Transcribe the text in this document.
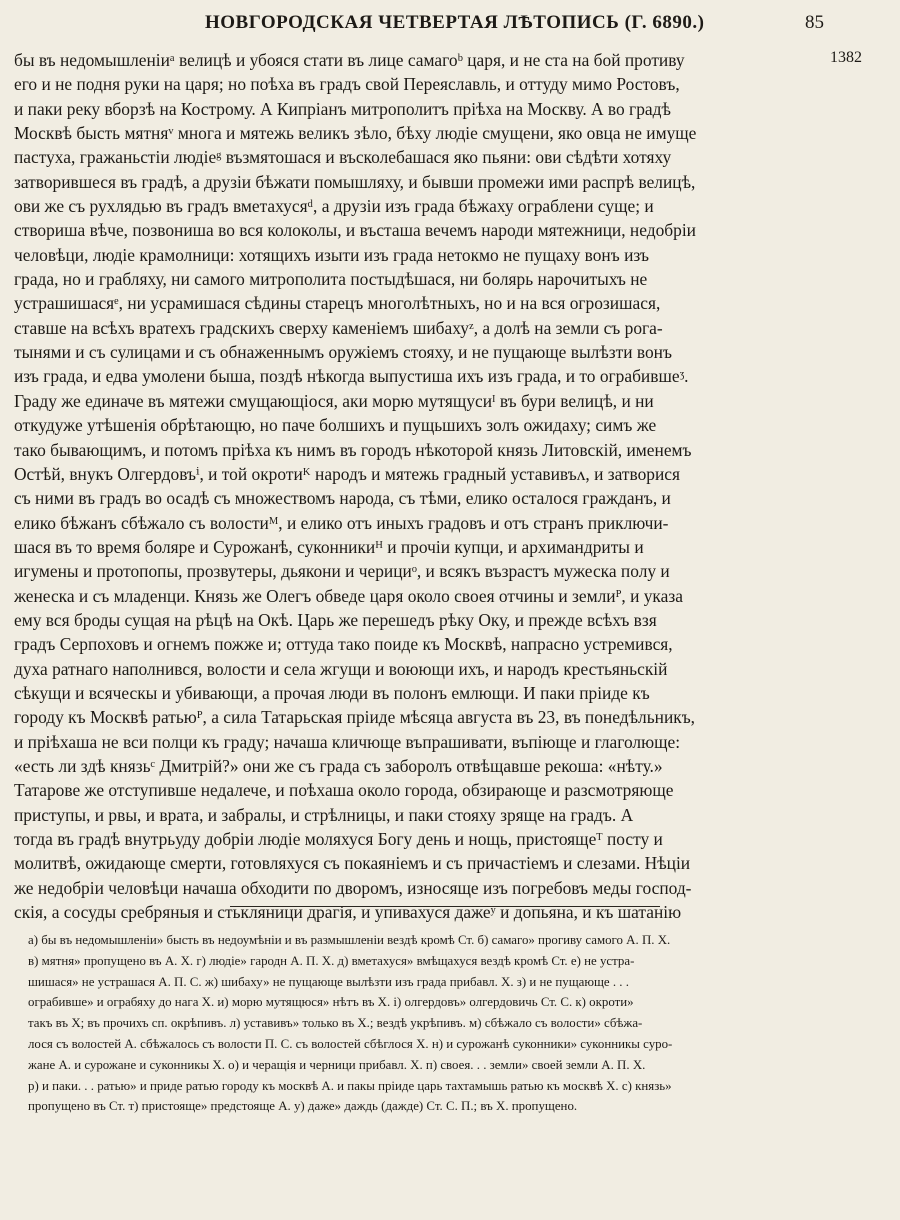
НОВГОРОДСКАЯ ЧЕТВЕРТАЯ ЛѢТОПИСЬ (Г. 6890.)	85
1382
бы въ недомышленіиᵃ велицѣ и убояся стати въ лице самагоᵇ царя, и не ста на бой противу
его и не подня руки на царя; но поѣха въ градъ свой Переяславль, и оттуду мимо Ростовъ,
и паки реку вборзѣ на Кострому. А Кипріанъ митрополитъ пріѣха на Москву. А во градѣ
Москвѣ бысть мятняᵛ многа и мятежь великъ зѣло, бѣху людіе смущени, яко овца не имуще
пастуха, гражаньстіи людіеᵍ възмятошася и въсколебашася яко пьяни: ови сѣдѣти хотяху
затворившеся въ градѣ, а друзіи бѣжати помышляху, и бывши промежи ими распрѣ велицѣ,
ови же съ рухлядью въ градъ вметахусяᵈ, а друзіи изъ града бѣжаху ограблени суще; и
створиша вѣче, позвониша во вся колоколы, и въсташа вечемъ народи мятежници, недобріи
человѣци, людіе крамолници: хотящихъ изыти изъ града нетокмо не пущаху вонъ изъ
града, но и грабляху, ни самого митрополита постыдѣшася, ни болярь нарочитыхъ не
устрашишасяᵉ, ни усрамишася сѣдины старецъ многолѣтныхъ, но и на вся огрозишася,
ставше на всѣхъ вратехъ градскихъ сверху каменіемъ шибахуᶻ, а долѣ на земли съ рога-
тынями и съ сулицами и съ обнаженнымъ оружіемъ стояху, и не пущающе вылѣзти вонъ
изъ града, и едва умолени быша, поздѣ нѣкогда выпустиша ихъ изъ града, и то ограбившеᶾ.
Граду же единаче въ мятежи смущающіося, аки морю мутящусиᴵ въ бури велицѣ, и ни
откудуже утѣшенія обрѣтающю, но паче болшихъ и пущьшихъ золъ ожидаху; симъ же
тако бывающимъ, и потомъ пріѣха къ нимъ въ городъ нѣкоторой князь Литовскій, именемъ
Остѣй, внукъ Олгердовъⁱ, и той окротиᴷ народъ и мятежь градный уставивъᴧ, и затворися
съ ними въ градъ во осадѣ съ множествомъ народа, съ тѣми, елико осталося гражданъ, и
елико бѣжанъ сбѣжало съ волостиᴹ, и елико отъ иныхъ градовъ и отъ странъ приключи-
шася въ то время боляре и Сурожанѣ, суконникиᴴ и прочіи купци, и архимандриты и
игумены и протопопы, прозвутеры, дьякони и черициᵒ, и всякъ възрастъ мужеска полу и
женеска и съ младенци. Князь же Олегъ обведе царя около своея отчины и землиᴾ, и указа
ему вся броды сущая на рѣцѣ на Окѣ. Царь же перешедъ рѣку Оку, и прежде всѣхъ взя
градъ Серпоховъ и огнемъ пожже и; оттуда тако поиде къ Москвѣ, напрасно устремився,
духа ратнаго наполнився, волости и села жгущи и воюющи ихъ, и народъ крестьяньскій
сѣкущи и всяческы и убивающи, а прочая люди въ полонъ емлющи. И паки пріиде къ
городу къ Москвѣ ратьюᴾ, а сила Татарьская пріиде мѣсяца августа въ 23, въ понедѣльникъ,
и пріѣхаша не вси полци къ граду; начаша кличюще въпрашивати, въпіюще и глаголюще:
«есть ли здѣ князьᶜ Дмитрій?» они же съ града съ заборолъ отвѣщавше рекоша: «нѣту.»
Татарове же отступивше недалече, и поѣхаша около города, обзирающе и разсмотряюще
приступы, и рвы, и врата, и забралы, и стрѣлницы, и паки стояху зряще на градъ. А
тогда въ градѣ внутрьуду добріи людіе моляхуся Богу день и нощь, пристоящеᵀ посту и
молитвѣ, ожидающе смерти, готовляхуся съ покаяніемъ и съ причастіемъ и слезами. Нѣціи
же недобріи человѣци начаша обходити по дворомъ, износяще изъ погребовъ меды господ-
скія, а сосуды сребряныя и стькляници драгія, и упивахуся дажеʸ и допьяна, и къ шатанію
а) бы въ недомышленіи» бысть въ недоумѣніи и въ размышленіи вездѣ кромѣ Ст. б) самаго» прогиву самого А. П. Х.
в) мятня» пропущено въ А. Х. г) людіе» гародн А. П. Х. д) вметахуся» вмѣщахуся вездѣ кромѣ Ст. е) не устра-
шишася» не устрашася А. П. С. ж) шибаху» не пущающе вылѣзти изъ града прибавл. Х. з) и не пущающе . . .
ограбивше» и ограбяху до нага Х. и) морю мутящюся» нѣтъ въ Х. і) олгердовъ» олгердовичь Ст. С. к) окроти»
такъ въ Х; въ прочихъ сп. окрѣпивъ. л) уставивъ» только въ Х.; вездѣ укрѣпивъ. м) сбѣжало съ волости» сбѣжа-
лося съ волостей А. сбѣжалось съ волости П. С. съ волостей сбѣглося Х. н) и сурожанѣ суконники» суконникы суро-
жане А. и сурожане и суконникы Х. о) и черащія и черници прибавл. Х. п) своея. . . земли» своей земли А. П. Х.
р) и паки. . . ратью» и приде ратью городу къ москвѣ А. и пакы пріиде царь тахтамышь ратью къ москвѣ Х. с) князь»
пропущено въ Ст. т) пристояще» предстояще А. у) даже» даждь (дажде) Ст. С. П.; въ Х. пропущено.
